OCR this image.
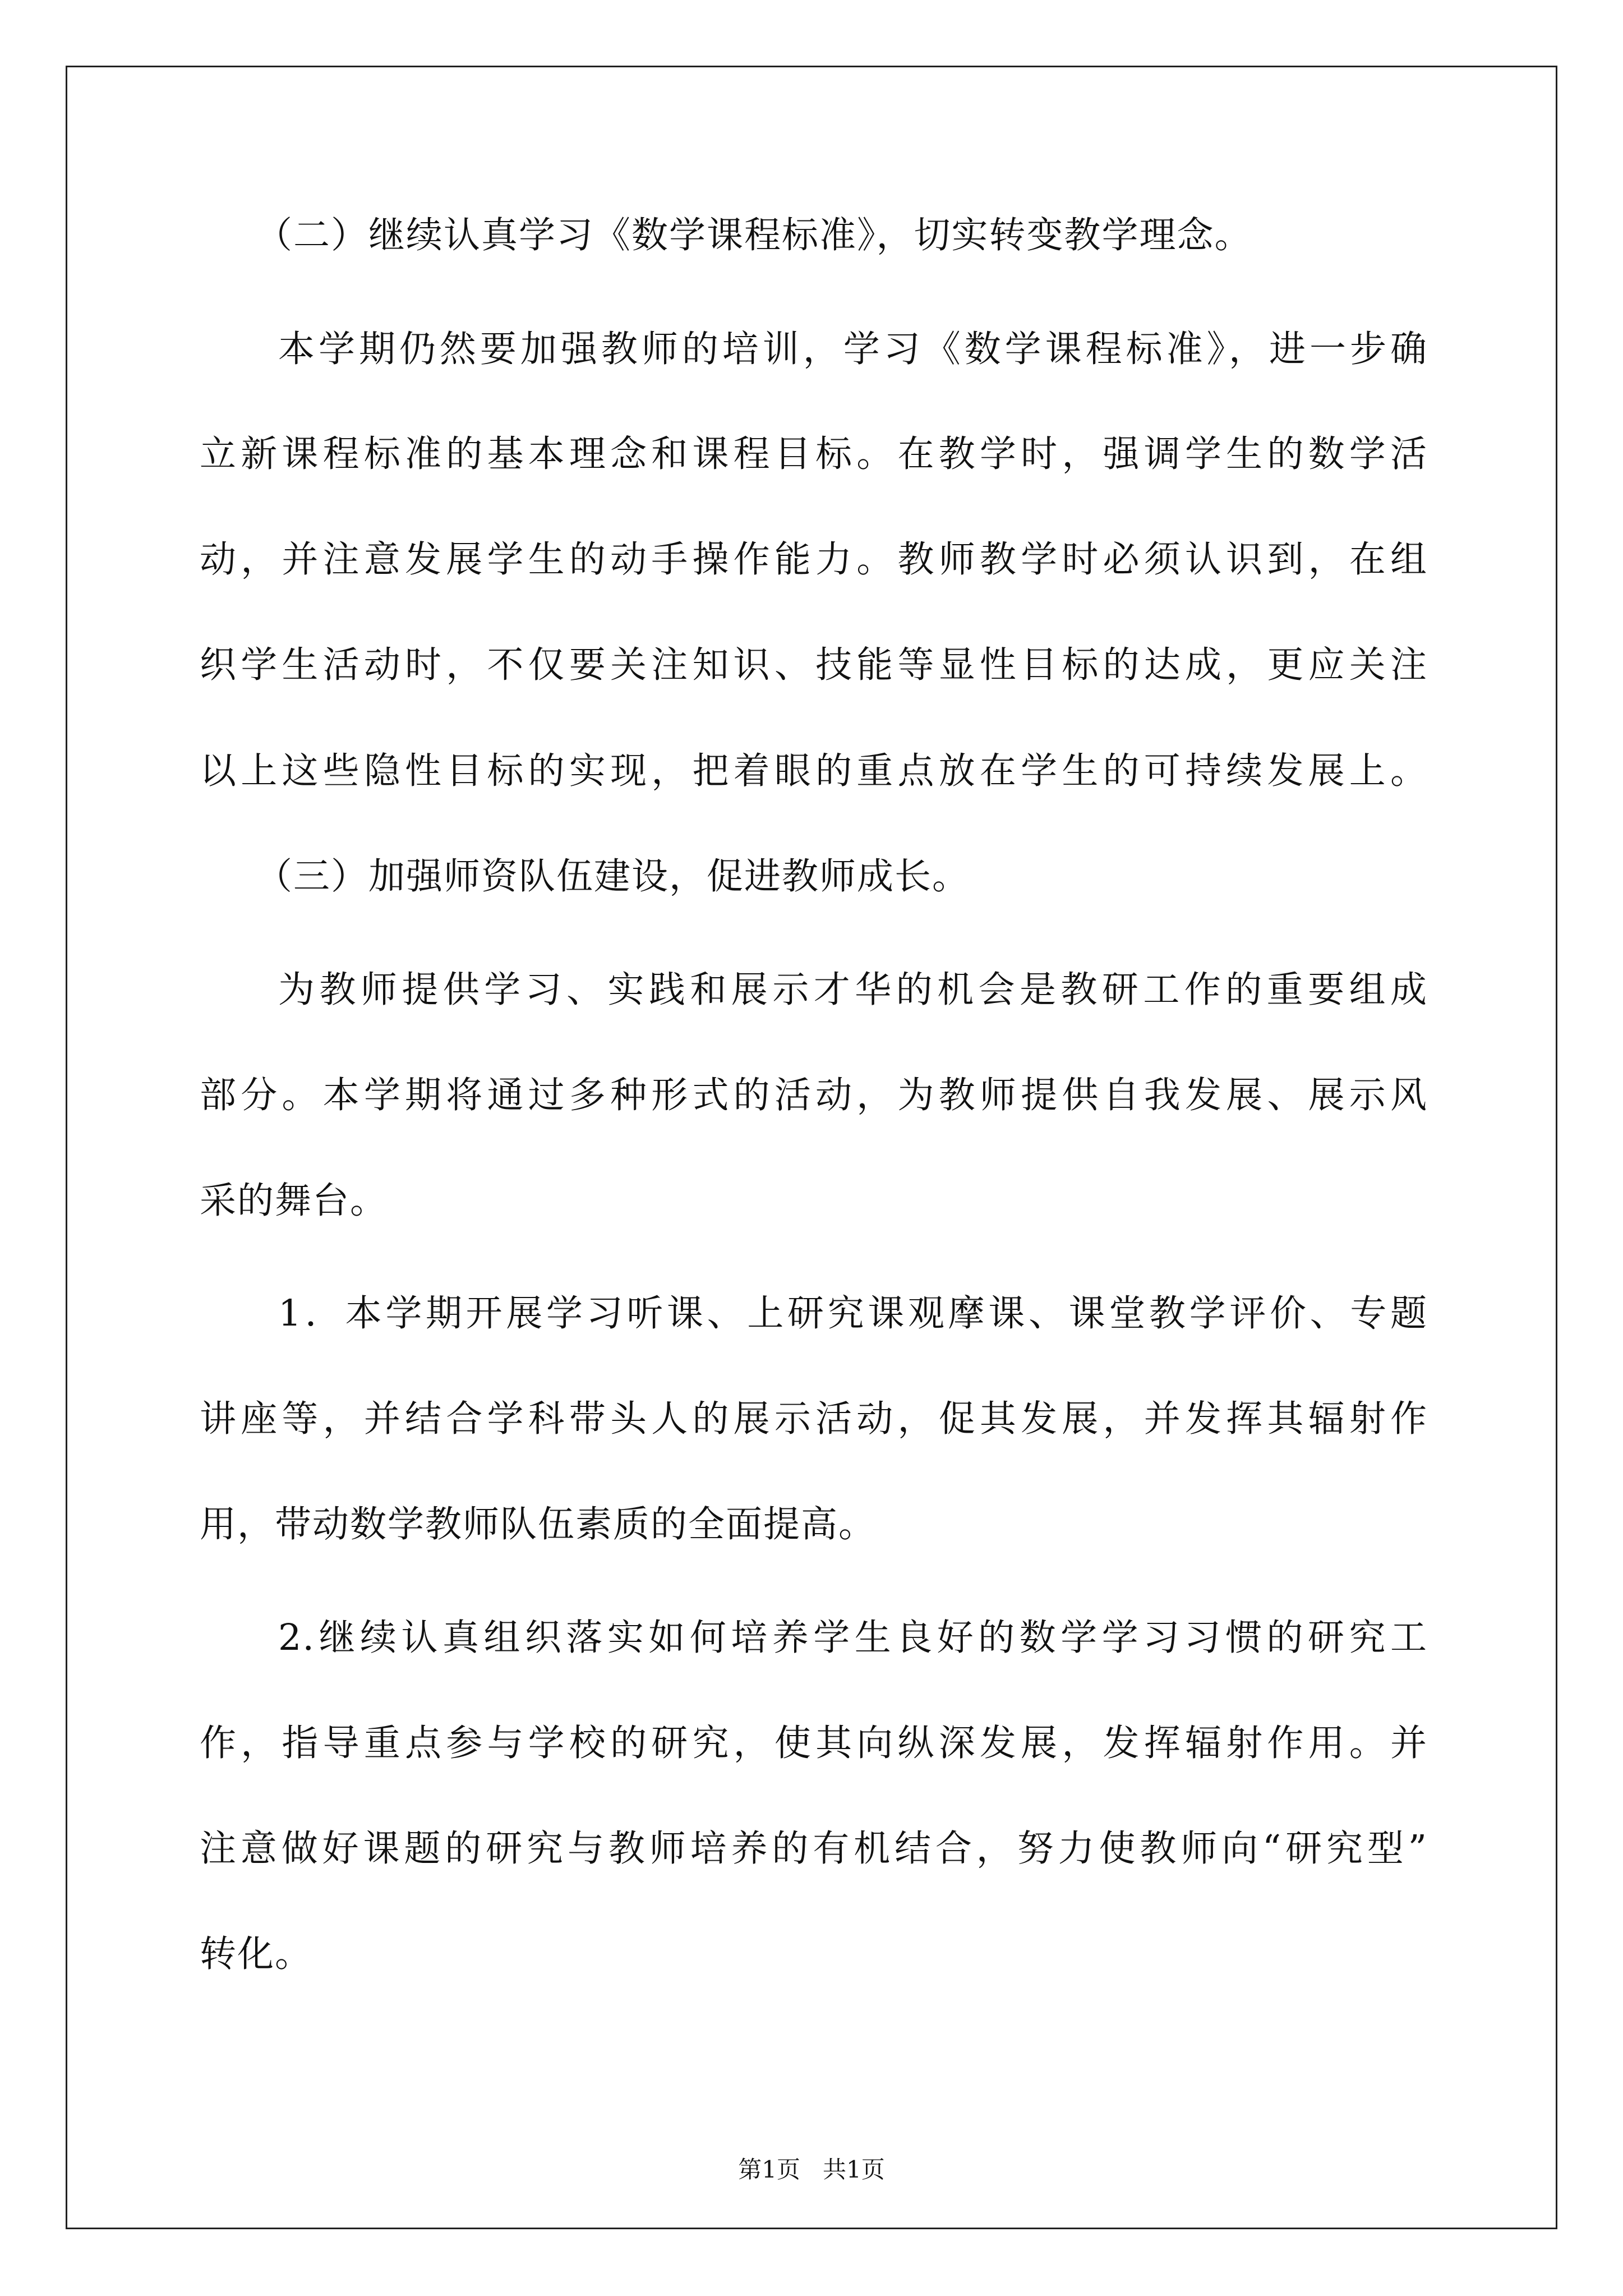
（二）继续认真学习《数学课程标准》，切实转变教学理念。
本学期仍然要加强教师的培训，学习《数学课程标准》，进一步确
立新课程标准的基本理念和课程目标。在教学时，强调学生的数学活
动，并注意发展学生的动手操作能力。教师教学时必须认识到，在组
织学生活动时，不仅要关注知识、技能等显性目标的达成，更应关注
以上这些隐性目标的实现，把着眼的重点放在学生的可持续发展上。
（三）加强师资队伍建设，促进教师成长。
为教师提供学习、实践和展示才华的机会是教研工作的重要组成
部分。本学期将通过多种形式的活动，为教师提供自我发展、展示风
采的舞台。
1．本学期开展学习听课、上研究课观摩课、课堂教学评价、专题
讲座等，并结合学科带头人的展示活动，促其发展，并发挥其辐射作
用，带动数学教师队伍素质的全面提高。
2.继续认真组织落实如何培养学生良好的数学学习习惯的研究工
作，指导重点参与学校的研究，使其向纵深发展，发挥辐射作用。并
注意做好课题的研究与教师培养的有机结合，努力使教师向“研究型”
转化。
第1页   共1页
